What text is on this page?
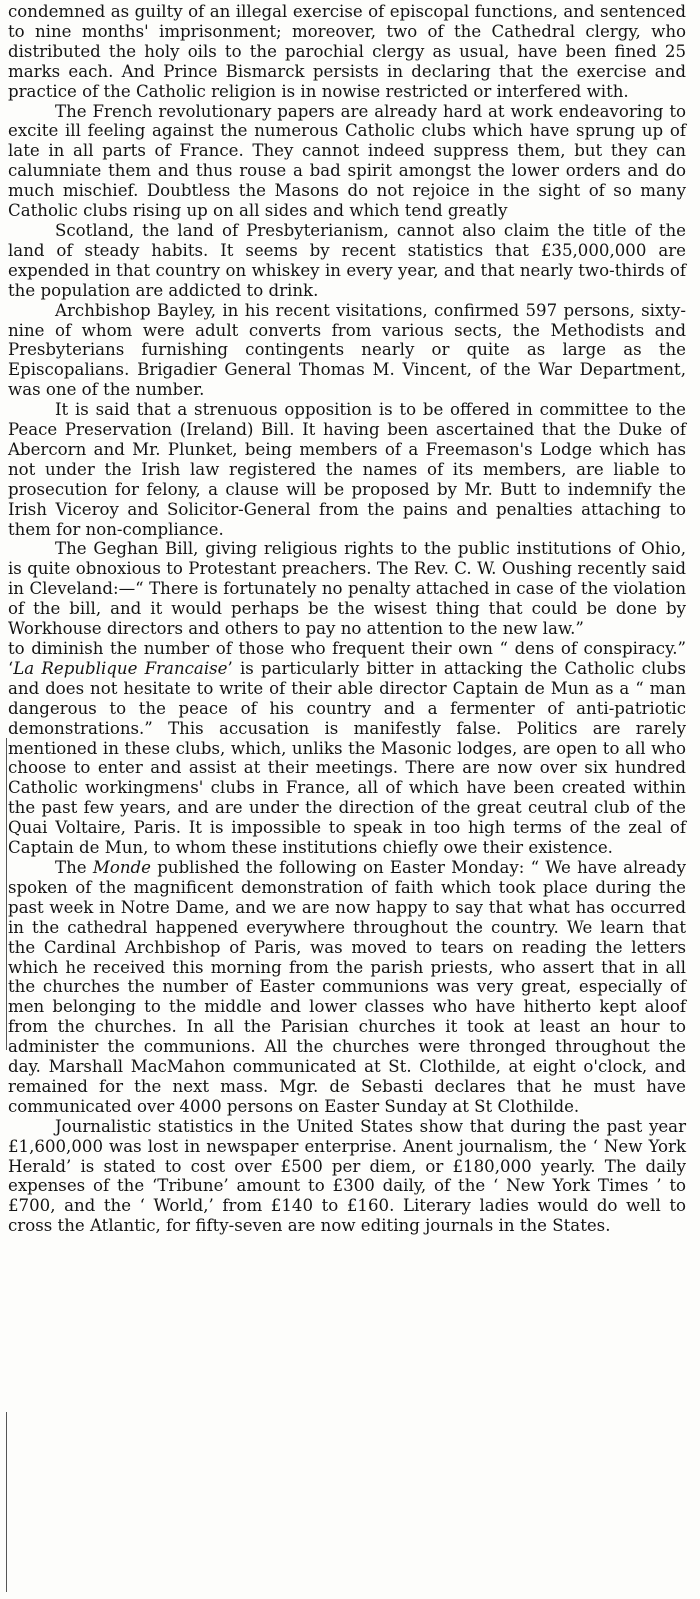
condemned as guilty of an illegal exercise of episcopal functions, and sentenced to nine months' imprisonment; moreover, two of the Cathedral clergy, who distributed the holy oils to the parochial clergy as usual, have been fined 25 marks each. And Prince Bismarck persists in declaring that the exercise and practice of the Catholic religion is in nowise restricted or interfered with.

The French revolutionary papers are already hard at work endeavoring to excite ill feeling against the numerous Catholic clubs which have sprung up of late in all parts of France. They cannot indeed suppress them, but they can calumniate them and thus rouse a bad spirit amongst the lower orders and do much mischief. Doubtless the Masons do not rejoice in the sight of so many Catholic clubs rising up on all sides and which tend greatly

Scotland, the land of Presbyterianism, cannot also claim the title of the land of steady habits. It seems by recent statistics that £35,000,000 are expended in that country on whiskey in every year, and that nearly two-thirds of the population are addicted to drink.

Archbishop Bayley, in his recent visitations, confirmed 597 persons, sixty-nine of whom were adult converts from various sects, the Methodists and Presbyterians furnishing contingents nearly or quite as large as the Episcopalians. Brigadier General Thomas M. Vincent, of the War Department, was one of the number.

It is said that a strenuous opposition is to be offered in committee to the Peace Preservation (Ireland) Bill. It having been ascertained that the Duke of Abercorn and Mr. Plunket, being members of a Freemason's Lodge which has not under the Irish law registered the names of its members, are liable to prosecution for felony, a clause will be proposed by Mr. Butt to indemnify the Irish Viceroy and Solicitor-General from the pains and penalties attaching to them for non-compliance.

The Geghan Bill, giving religious rights to the public institutions of Ohio, is quite obnoxious to Protestant preachers. The Rev. C. W. Oushing recently said in Cleveland:—“ There is fortunately no penalty attached in case of the violation of the bill, and it would perhaps be the wisest thing that could be done by Workhouse directors and others to pay no attention to the new law.”

to diminish the number of those who frequent their own “ dens of conspiracy.” ‘La Republique Francaise’ is particularly bitter in attacking the Catholic clubs and does not hesitate to write of their able director Captain de Mun as a “ man dangerous to the peace of his country and a fermenter of anti-patriotic demonstrations.” This accusation is manifestly false. Politics are rarely mentioned in these clubs, which, unliks the Masonic lodges, are open to all who choose to enter and assist at their meetings. There are now over six hundred Catholic workingmens' clubs in France, all of which have been created within the past few years, and are under the direction of the great ceutral club of the Quai Voltaire, Paris. It is impossible to speak in too high terms of the zeal of Captain de Mun, to whom these institutions chiefly owe their existence.

The Monde published the following on Easter Monday: “ We have already spoken of the magnificent demonstration of faith which took place during the past week in Notre Dame, and we are now happy to say that what has occurred in the cathedral happened everywhere throughout the country. We learn that the Cardinal Archbishop of Paris, was moved to tears on reading the letters which he received this morning from the parish priests, who assert that in all the churches the number of Easter communions was very great, especially of men belonging to the middle and lower classes who have hitherto kept aloof from the churches. In all the Parisian churches it took at least an hour to administer the communions. All the churches were thronged throughout the day. Marshall MacMahon communicated at St. Clothilde, at eight o'clock, and remained for the next mass. Mgr. de Sebasti declares that he must have communicated over 4000 persons on Easter Sunday at St Clothilde.

Journalistic statistics in the United States show that during the past year £1,600,000 was lost in newspaper enterprise. Anent journalism, the ‘ New York Herald’ is stated to cost over £500 per diem, or £180,000 yearly. The daily expenses of the ‘Tribune’ amount to £300 daily, of the ‘ New York Times ’ to £700, and the ‘ World,’ from £140 to £160. Literary ladies would do well to cross the Atlantic, for fifty-seven are now editing journals in the States.
